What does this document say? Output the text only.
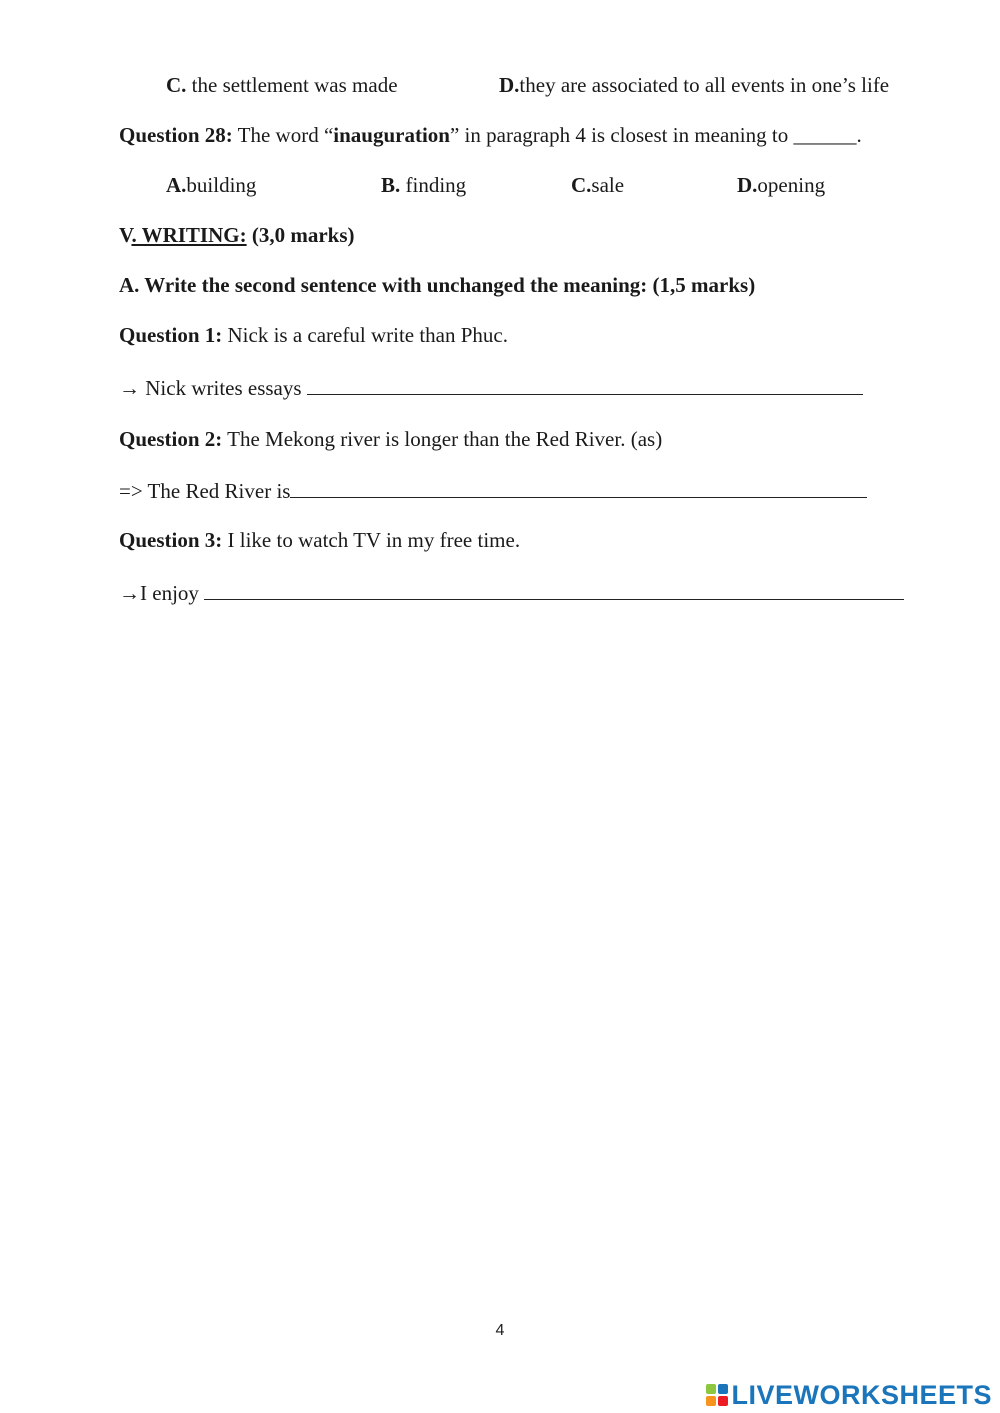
C. the settlement was made	D.they are associated to all events in one’s life
Question 28: The word “inauguration” in paragraph 4 is closest in meaning to ______.
A.building	B. finding	C.sale	D.opening
V. WRITING: (3,0 marks)
A. Write the second sentence with unchanged the meaning: (1,5 marks)
Question 1: Nick is a careful write than Phuc.
→ Nick writes essays
Question 2: The Mekong river is longer than the Red River. (as)
=> The Red River is
Question 3: I like to watch TV in my free time.
→I enjoy
4
LIVEWORKSHEETS
